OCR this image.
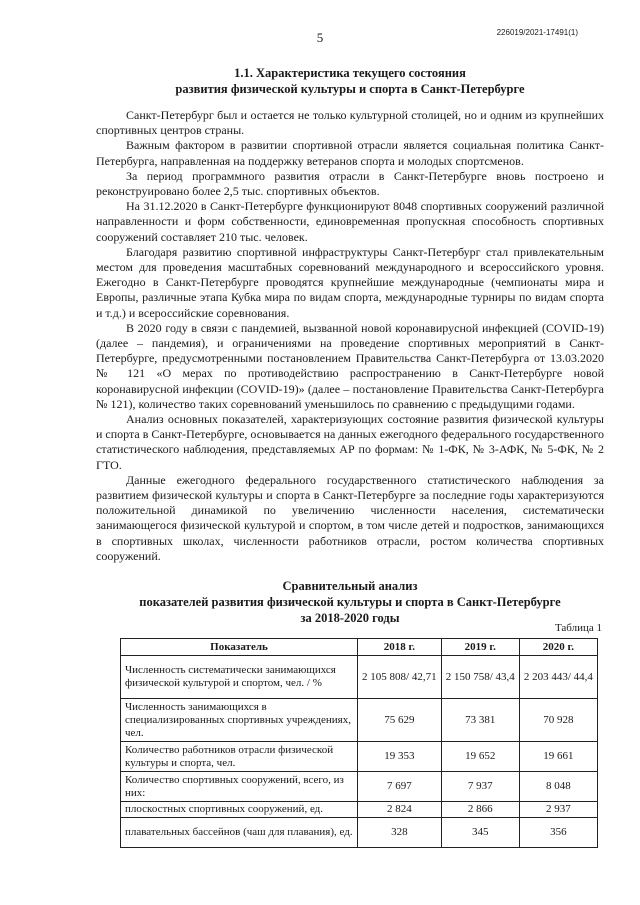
5	226019/2021-17491(1)
1.1. Характеристика текущего состояния
развития физической культуры и спорта в Санкт-Петербурге

Санкт-Петербург был и остается не только культурной столицей, но и одним из крупнейших спортивных центров страны.

Важным фактором в развитии спортивной отрасли является социальная политика Санкт-Петербурга, направленная на поддержку ветеранов спорта и молодых спортсменов.

За период программного развития отрасли в Санкт-Петербурге вновь построено и реконструировано более 2,5 тыс. спортивных объектов.

На 31.12.2020 в Санкт-Петербурге функционируют 8048 спортивных сооружений различной направленности и форм собственности, единовременная пропускная способность спортивных сооружений составляет 210 тыс. человек.

Благодаря развитию спортивной инфраструктуры Санкт-Петербург стал привлекательным местом для проведения масштабных соревнований международного и всероссийского уровня. Ежегодно в Санкт-Петербурге проводятся крупнейшие международные (чемпионаты мира и Европы, различные этапа Кубка мира по видам спорта, международные турниры по видам спорта и т.д.) и всероссийские соревнования.

В 2020 году в связи с пандемией, вызванной новой коронавирусной инфекцией (COVID-19) (далее – пандемия), и ограничениями на проведение спортивных мероприятий в Санкт-Петербурге, предусмотренными постановлением Правительства Санкт-Петербурга от 13.03.2020 № 121 «О мерах по противодействию распространению в Санкт-Петербурге новой коронавирусной инфекции (COVID-19)» (далее – постановление Правительства Санкт-Петербурга № 121), количество таких соревнований уменьшилось по сравнению с предыдущими годами.

Анализ основных показателей, характеризующих состояние развития физической культуры и спорта в Санкт-Петербурге, основывается на данных ежегодного федерального государственного статистического наблюдения, представляемых АР по формам: № 1-ФК, № 3-АФК, № 5-ФК, № 2 ГТО.

Данные ежегодного федерального государственного статистического наблюдения за развитием физической культуры и спорта в Санкт-Петербурге за последние годы характеризуются положительной динамикой по увеличению численности населения, систематически занимающегося физической культурой и спортом, в том числе детей и подростков, занимающихся в спортивных школах, численности работников отрасли, ростом количества спортивных сооружений.

Сравнительный анализ
показателей развития физической культуры и спорта в Санкт-Петербурге
за 2018-2020 годы
Таблица 1
Показатель	2018 г.	2019 г.	2020 г.
Численность систематически занимающихся физической культурой и спортом, чел. / %	2 105 808/ 42,71	2 150 758/ 43,4	2 203 443/ 44,4
Численность занимающихся в специализированных спортивных учреждениях, чел.	75 629	73 381	70 928
Количество работников отрасли физической культуры и спорта, чел.	19 353	19 652	19 661
Количество спортивных сооружений, всего, из них:	7 697	7 937	8 048
плоскостных спортивных сооружений, ед.	2 824	2 866	2 937
плавательных бассейнов (чаш для плавания), ед.	328	345	356
